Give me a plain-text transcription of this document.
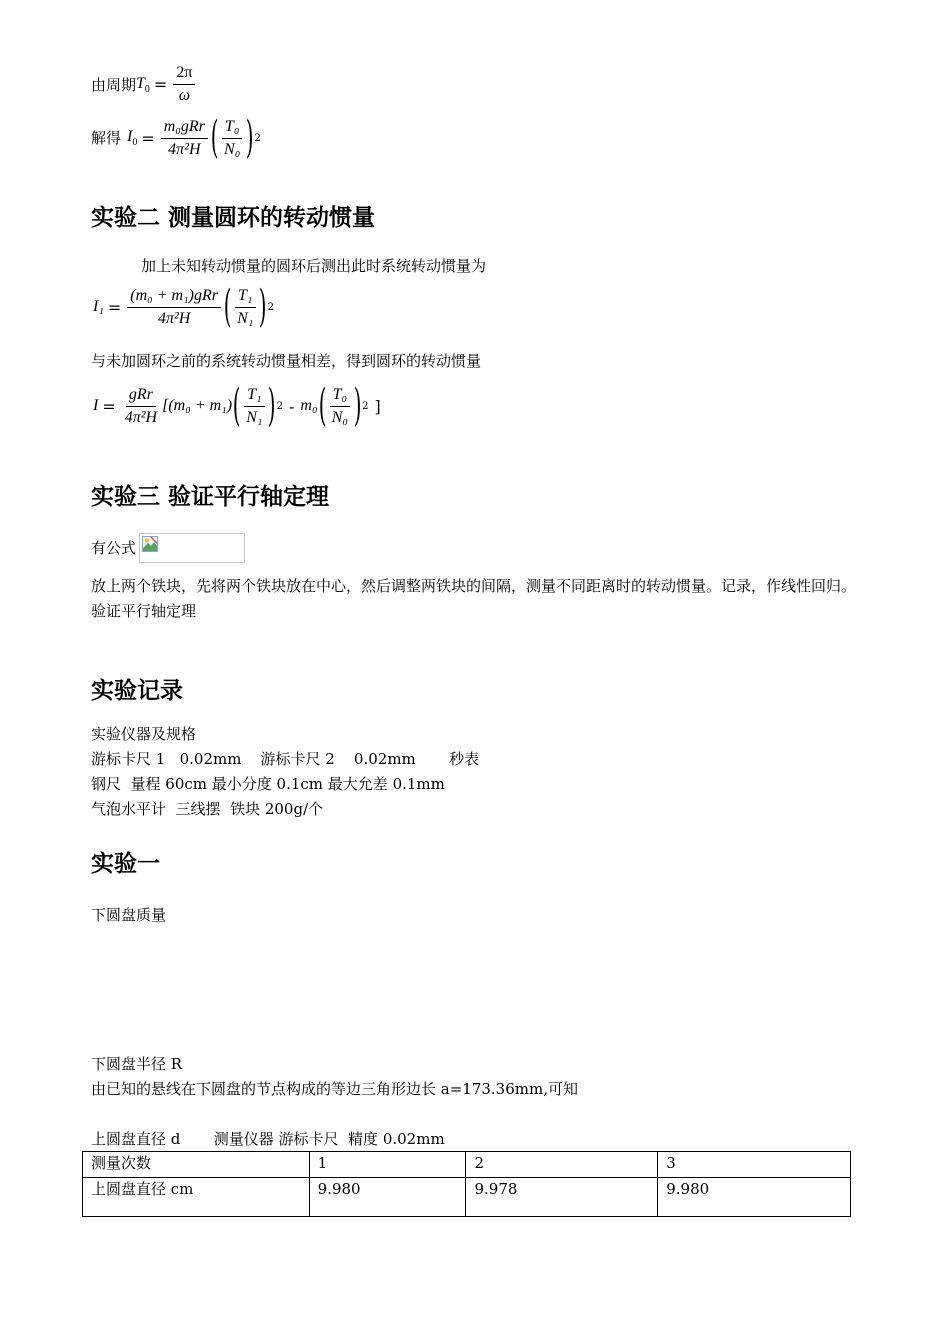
由周期 $T_0 = \frac{2\pi}{\omega}$
解得 $I_0 = \frac{\text{m₀gRr}}{\text{4π²H}}$ ( $\frac{\text{T₀}}{\text{N₀}}$ ) 2
实验二 测量圆环的转动惯量
加上未知转动惯量的圆环后测出此时系统转动惯量为
$I_1 = \frac{\text{(m₀ + m₁)gRr}}{\text{4π²H}}$ ( $\frac{\text{T₁}}{\text{N₁}}$ ) 2
与未加圆环之前的系统转动惯量相差，得到圆环的转动惯量
$I = \frac{\text{gRr}}{\text{4π²H}} [(m_0 + m_1)$ ( $\frac{\text{T₁}}{\text{N₁}}$ ) 2 - m₀ ( $\frac{\text{T₀}}{\text{N₀}}$ ) 2 ]
实验三 验证平行轴定理
有公式
放上两个铁块，先将两个铁块放在中心，然后调整两铁块的间隔，测量不同距离时的转动惯量。记录，作线性回归。验证平行轴定理
实验记录
实验仪器及规格
游标卡尺 1   0.02mm    游标卡尺 2    0.02mm       秒表
钢尺  量程 60cm 最小分度 0.1cm 最大允差 0.1mm
气泡水平计  三线摆  铁块 200g/个
实验一
下圆盘质量
下圆盘半径 R
由已知的悬线在下圆盘的节点构成的等边三角形边长 a=173.36mm,可知
上圆盘直径 d       测量仪器 游标卡尺  精度 0.02mm
测量次数	1	2	3
上圆盘直径 cm	9.980	9.978	9.980
